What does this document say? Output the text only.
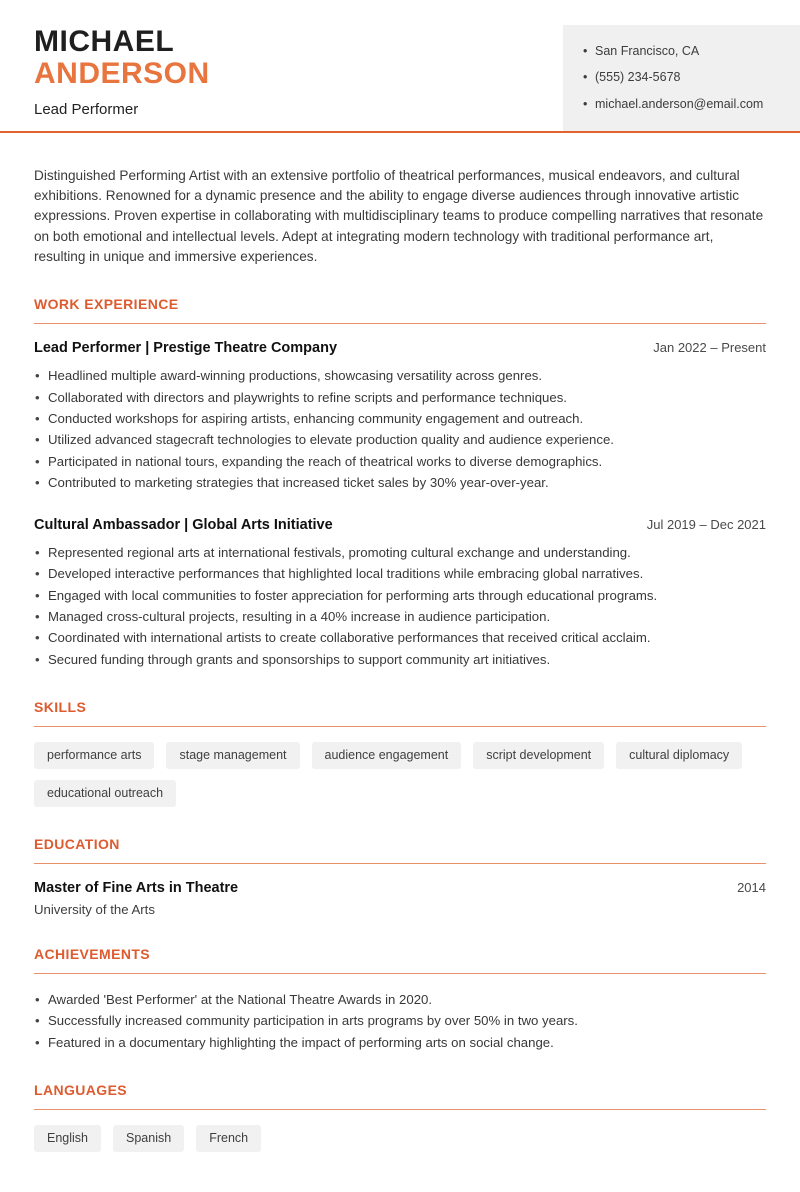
MICHAEL
ANDERSON
Lead Performer
• San Francisco, CA
• (555) 234-5678
• michael.anderson@email.com

Distinguished Performing Artist with an extensive portfolio of theatrical performances, musical endeavors, and cultural exhibitions. Renowned for a dynamic presence and the ability to engage diverse audiences through innovative artistic expressions. Proven expertise in collaborating with multidisciplinary teams to produce compelling narratives that resonate on both emotional and intellectual levels. Adept at integrating modern technology with traditional performance art, resulting in unique and immersive experiences.

WORK EXPERIENCE
Lead Performer | Prestige Theatre Company	Jan 2022 – Present
• Headlined multiple award-winning productions, showcasing versatility across genres.
• Collaborated with directors and playwrights to refine scripts and performance techniques.
• Conducted workshops for aspiring artists, enhancing community engagement and outreach.
• Utilized advanced stagecraft technologies to elevate production quality and audience experience.
• Participated in national tours, expanding the reach of theatrical works to diverse demographics.
• Contributed to marketing strategies that increased ticket sales by 30% year-over-year.
Cultural Ambassador | Global Arts Initiative	Jul 2019 – Dec 2021
• Represented regional arts at international festivals, promoting cultural exchange and understanding.
• Developed interactive performances that highlighted local traditions while embracing global narratives.
• Engaged with local communities to foster appreciation for performing arts through educational programs.
• Managed cross-cultural projects, resulting in a 40% increase in audience participation.
• Coordinated with international artists to create collaborative performances that received critical acclaim.
• Secured funding through grants and sponsorships to support community art initiatives.
SKILLS
performance arts	stage management	audience engagement	script development	cultural diplomacy
educational outreach
EDUCATION
Master of Fine Arts in Theatre	2014
University of the Arts
ACHIEVEMENTS
• Awarded 'Best Performer' at the National Theatre Awards in 2020.
• Successfully increased community participation in arts programs by over 50% in two years.
• Featured in a documentary highlighting the impact of performing arts on social change.
LANGUAGES
English	Spanish	French
